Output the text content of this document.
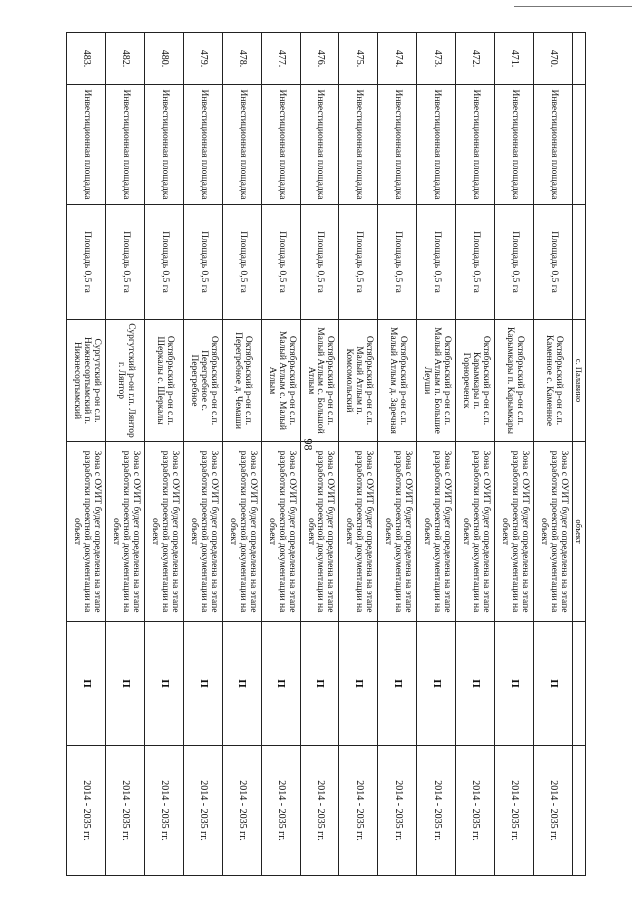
98
			с. Палавино	объект		
470.	Инвестиционная площадка	Площадь 0,5 га	Октябрьский р-он с.п. Каменное с. Каменное	Зона с ОУИТ будет определена на этапе разработки проектной документации на объект	П	2014 - 2035 гг.
471.	Инвестиционная площадка	Площадь 0,5 га	Октябрьский р-он с.п. Карымкары п. Карымкары	Зона с ОУИТ будет определена на этапе разработки проектной документации на объект	П	2014 - 2035 гг.
472.	Инвестиционная площадка	Площадь 0,5 га	Октябрьский р-он с.п. Карымкары п. Горнореченск	Зона с ОУИТ будет определена на этапе разработки проектной документации на объект	П	2014 - 2035 гг.
473.	Инвестиционная площадка	Площадь 0,5 га	Октябрьский р-он с.п. Малый Атлым п. Большие Леуши	Зона с ОУИТ будет определена на этапе разработки проектной документации на объект	П	2014 - 2035 гг.
474.	Инвестиционная площадка	Площадь 0,5 га	Октябрьский р-он с.п. Малый Атлым д. Заречная	Зона с ОУИТ будет определена на этапе разработки проектной документации на объект	П	2014 - 2035 гг.
475.	Инвестиционная площадка	Площадь 0,5 га	Октябрьский р-он с.п. Малый Атлым п. Комсомольский	Зона с ОУИТ будет определена на этапе разработки проектной документации на объект	П	2014 - 2035 гг.
476.	Инвестиционная площадка	Площадь 0,5 га	Октябрьский р-он с.п. Малый Атлым с. Большой Атлым	Зона с ОУИТ будет определена на этапе разработки проектной документации на объект	П	2014 - 2035 гг.
477.	Инвестиционная площадка	Площадь 0,5 га	Октябрьский р-он с.п. Малый Атлым с. Малый Атлым	Зона с ОУИТ будет определена на этапе разработки проектной документации на объект	П	2014 - 2035 гг.
478.	Инвестиционная площадка	Площадь 0,5 га	Октябрьский р-он с.п. Перегребное д. Чемаши	Зона с ОУИТ будет определена на этапе разработки проектной документации на объект	П	2014 - 2035 гг.
479.	Инвестиционная площадка	Площадь 0,5 га	Октябрьский р-он с.п. Перегребное с. Перегребное	Зона с ОУИТ будет определена на этапе разработки проектной документации на объект	П	2014 - 2035 гг.
480.	Инвестиционная площадка	Площадь 0,5 га	Октябрьский р-он с.п. Шеркалы с. Шеркалы	Зона с ОУИТ будет определена на этапе разработки проектной документации на объект	П	2014 - 2035 гг.
482.	Инвестиционная площадка	Площадь 0,5 га	Сургутский р-он г.п. Лянтор г. Лянтор	Зона с ОУИТ будет определена на этапе разработки проектной документации на объект	П	2014 - 2035 гг.
483.	Инвестиционная площадка	Площадь 0,5 га	Сургутский р-он с.п. Нижнесортымский п. Нижнесортымский	Зона с ОУИТ будет определена на этапе разработки проектной документации на объект	П	2014 - 2035 гг.
